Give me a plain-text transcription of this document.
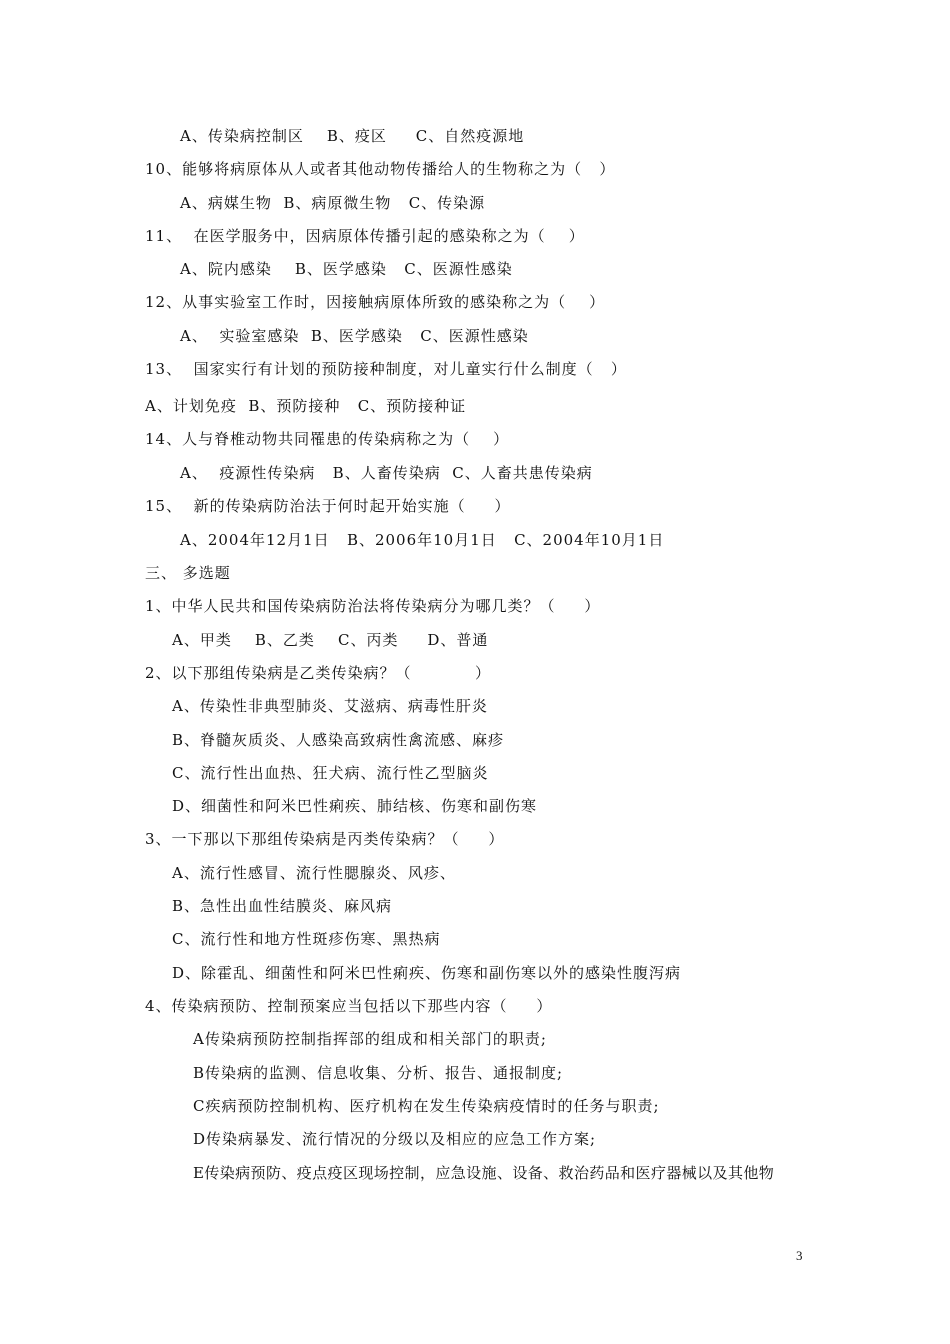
A、传染病控制区    B、疫区     C、自然疫源地
10、能够将病原体从人或者其他动物传播给人的生物称之为（   ）
A、病媒生物  B、病原微生物   C、传染源
11、  在医学服务中，因病原体传播引起的感染称之为（    ）
A、院内感染    B、医学感染   C、医源性感染
12、从事实验室工作时，因接触病原体所致的感染称之为（    ）
A、  实验室感染  B、医学感染   C、医源性感染
13、  国家实行有计划的预防接种制度，对儿童实行什么制度（   ）
A、计划免疫  B、预防接种   C、预防接种证
14、人与脊椎动物共同罹患的传染病称之为（    ）
A、  疫源性传染病   B、人畜传染病  C、人畜共患传染病
15、  新的传染病防治法于何时起开始实施（     ）
A、2004年12月1日   B、2006年10月1日   C、2004年10月1日
三、 多选题
1、中华人民共和国传染病防治法将传染病分为哪几类？（     ）
A、甲类    B、乙类    C、丙类     D、普通
2、以下那组传染病是乙类传染病？（           ）
A、传染性非典型肺炎、艾滋病、病毒性肝炎
B、脊髓灰质炎、人感染高致病性禽流感、麻疹
C、流行性出血热、狂犬病、流行性乙型脑炎
D、细菌性和阿米巴性痢疾、肺结核、伤寒和副伤寒
3、一下那以下那组传染病是丙类传染病？（     ）
A、流行性感冒、流行性腮腺炎、风疹、
B、急性出血性结膜炎、麻风病
C、流行性和地方性斑疹伤寒、黑热病
D、除霍乱、细菌性和阿米巴性痢疾、伤寒和副伤寒以外的感染性腹泻病
4、传染病预防、控制预案应当包括以下那些内容（     ）
A传染病预防控制指挥部的组成和相关部门的职责;
B传染病的监测、信息收集、分析、报告、通报制度;
C疾病预防控制机构、医疗机构在发生传染病疫情时的任务与职责;
D传染病暴发、流行情况的分级以及相应的应急工作方案;
E传染病预防、疫点疫区现场控制，应急设施、设备、救治药品和医疗器械以及其他物
3
